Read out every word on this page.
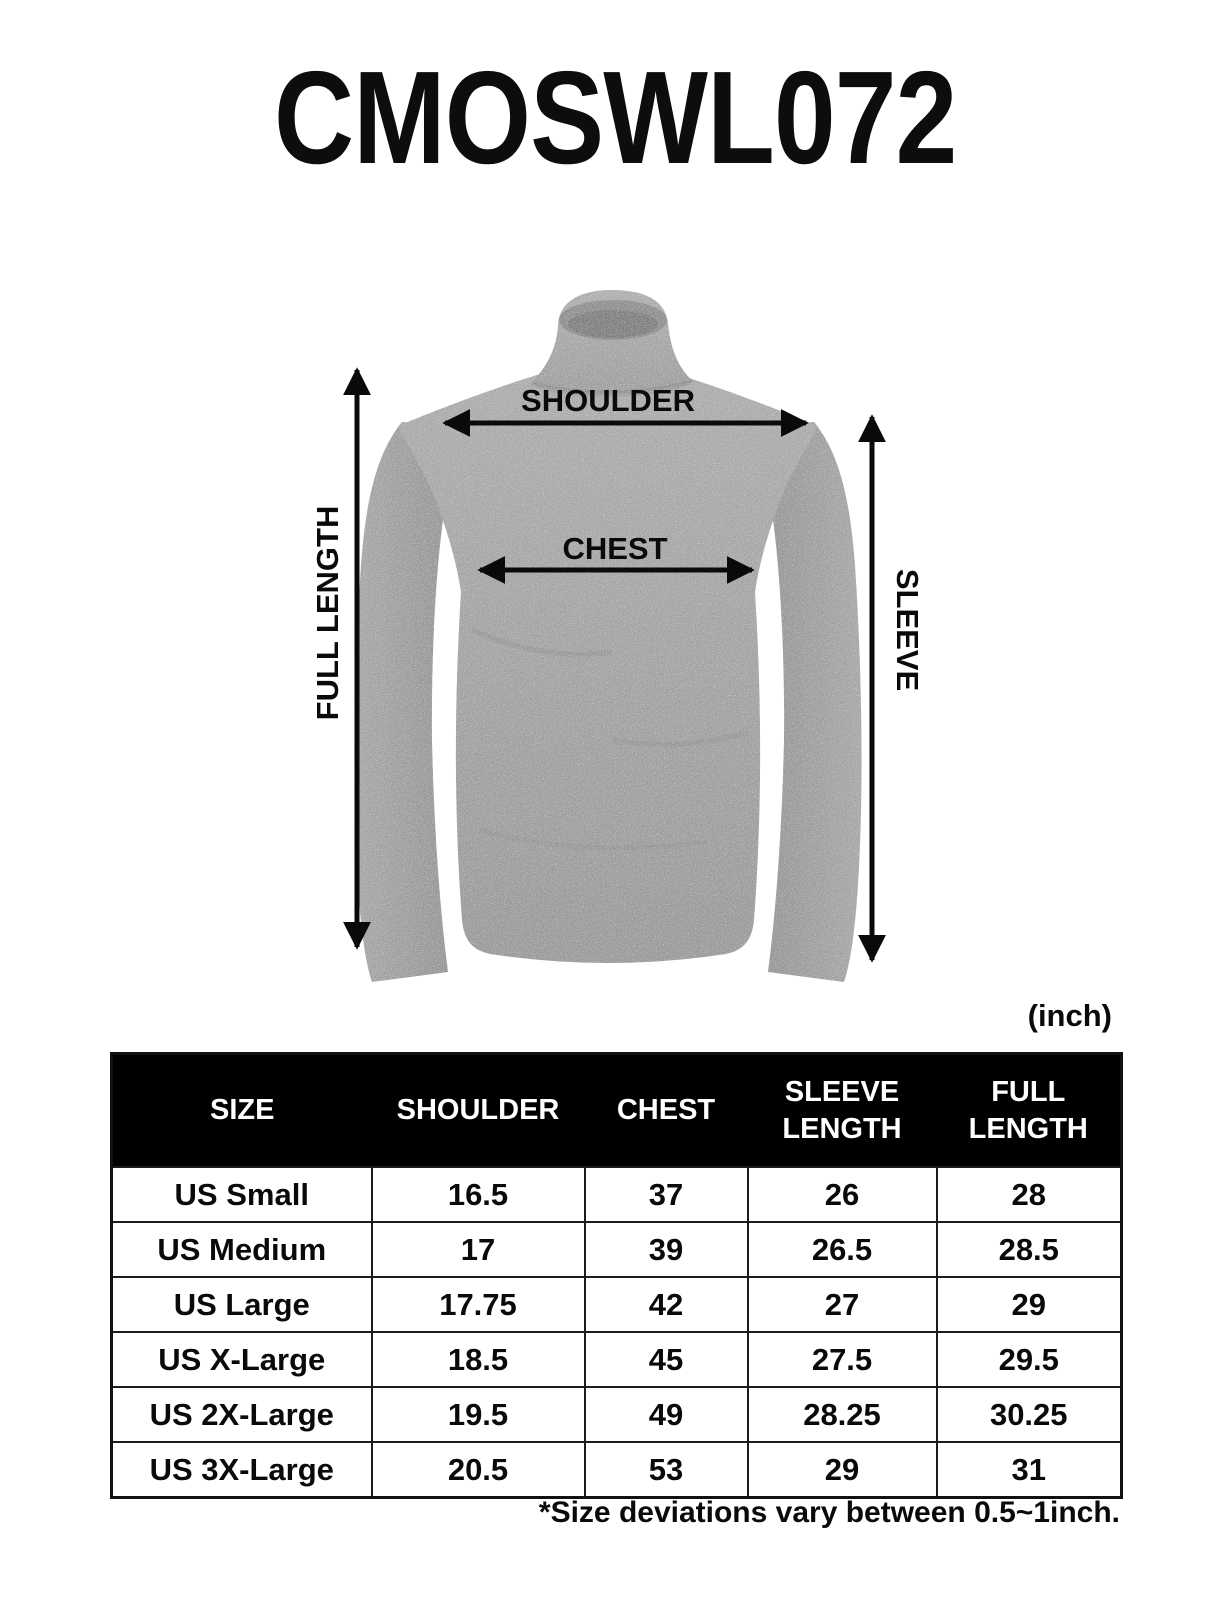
CMOSWL072
SHOULDER
CHEST
FULL LENGTH	SLEEVE
(inch)
SIZE	SHOULDER	CHEST	SLEEVE LENGTH	FULL LENGTH
US Small	16.5	37	26	28
US Medium	17	39	26.5	28.5
US Large	17.75	42	27	29
US X-Large	18.5	45	27.5	29.5
US 2X-Large	19.5	49	28.25	30.25
US 3X-Large	20.5	53	29	31
*Size deviations vary between 0.5~1inch.
